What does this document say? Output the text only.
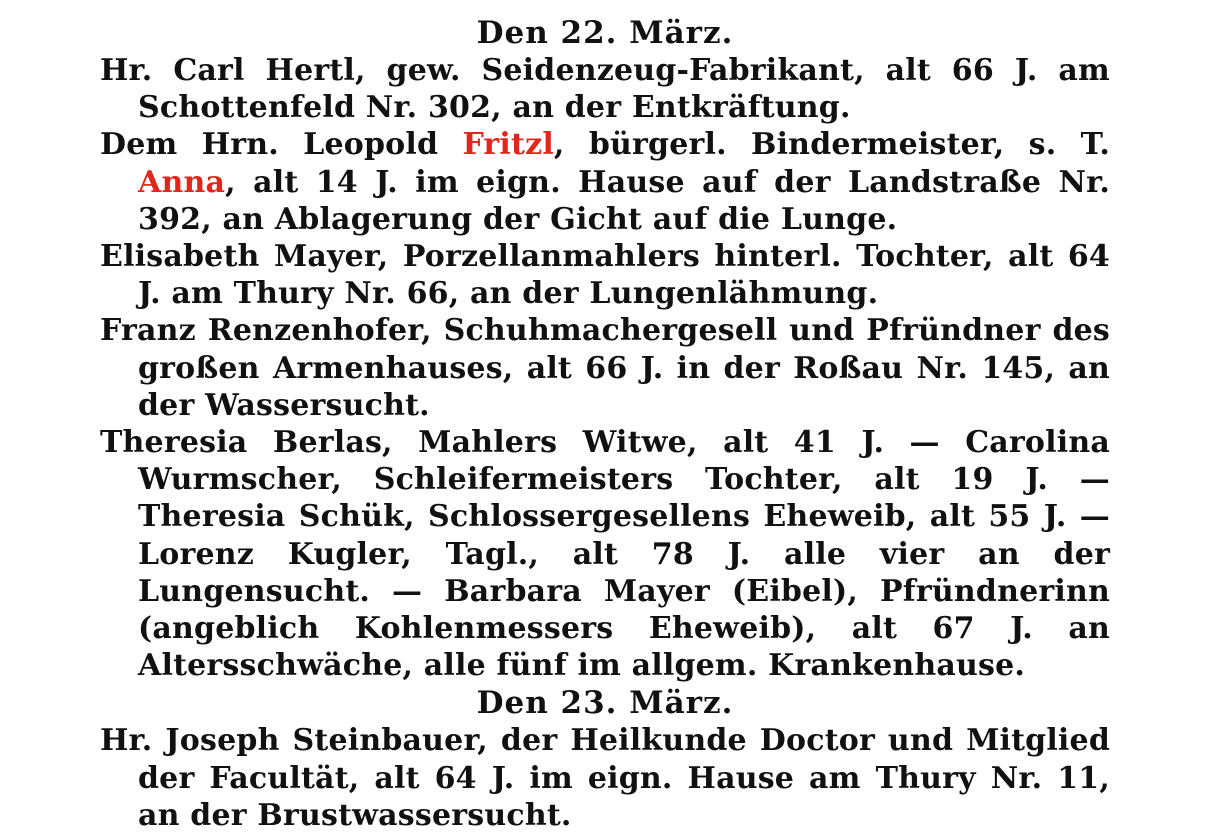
Den 22. März.

Hr. Carl Hertl, gew. Seidenzeug-Fabrikant, alt 66 J. am Schottenfeld Nr. 302, an der Entkräftung.

Dem Hrn. Leopold Fritzl, bürgerl. Bindermeister, s. T. Anna, alt 14 J. im eign. Hause auf der Landstraße Nr. 392, an Ablagerung der Gicht auf die Lunge.

Elisabeth Mayer, Porzellanmahlers hinterl. Tochter, alt 64 J. am Thury Nr. 66, an der Lungenlähmung.

Franz Renzenhofer, Schuhmachergesell und Pfründner des großen Armenhauses, alt 66 J. in der Roßau Nr. 145, an der Wassersucht.

Theresia Berlas, Mahlers Witwe, alt 41 J. — Carolina Wurmscher, Schleifermeisters Tochter, alt 19 J. — Theresia Schük, Schlossergesellens Eheweib, alt 55 J. — Lorenz Kugler, Tagl., alt 78 J. alle vier an der Lungensucht. — Barbara Mayer (Eibel), Pfründnerinn (angeblich Kohlenmessers Eheweib), alt 67 J. an Altersschwäche, alle fünf im allgem. Krankenhause.

Den 23. März.

Hr. Joseph Steinbauer, der Heilkunde Doctor und Mitglied der Facultät, alt 64 J. im eign. Hause am Thury Nr. 11, an der Brustwassersucht.
